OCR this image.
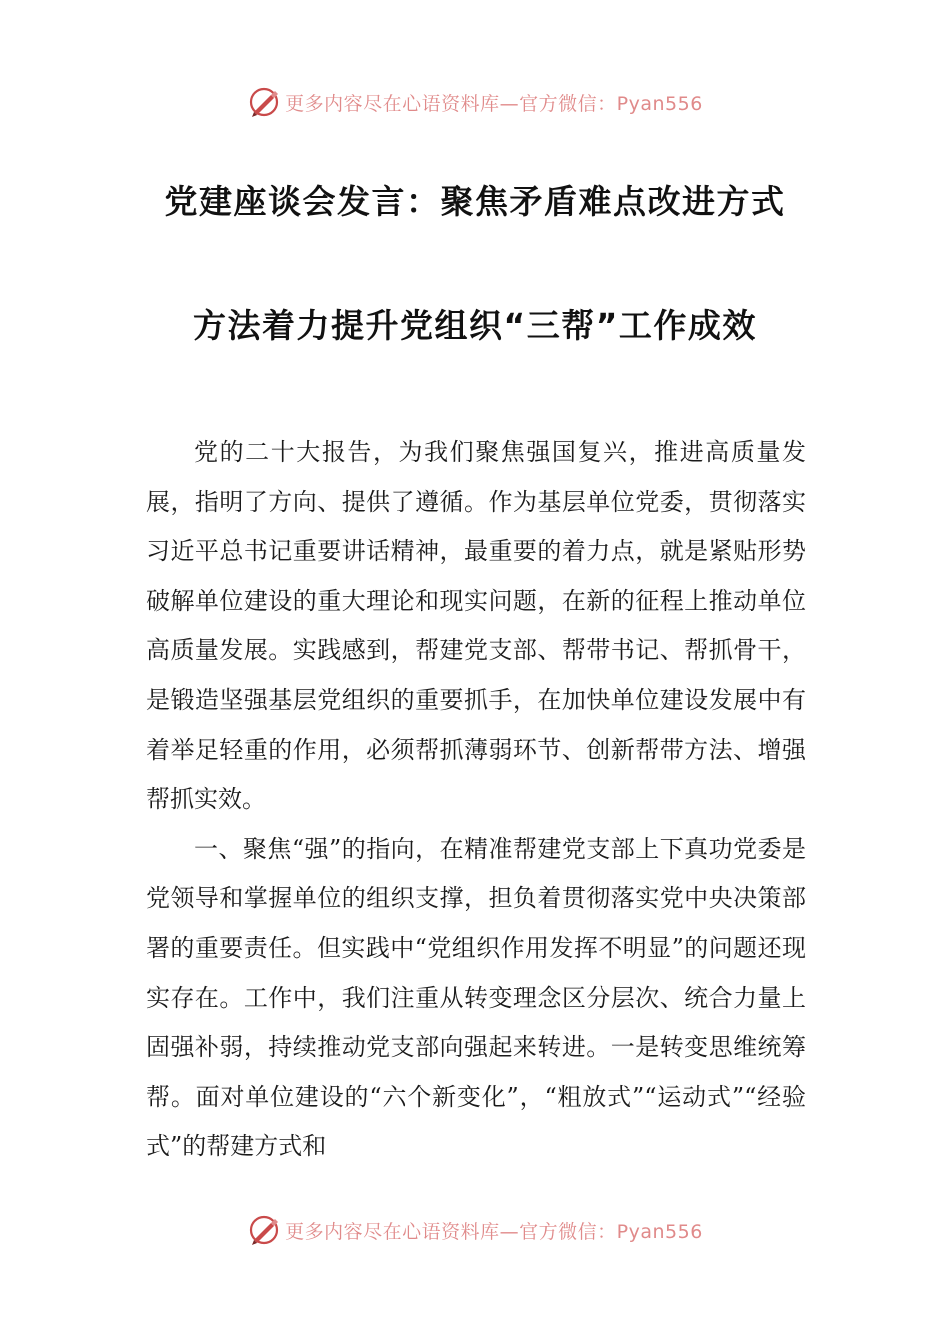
更多内容尽在心语资料库—官方微信：Pyan556
党建座谈会发言：聚焦矛盾难点改进方式
方法着力提升党组织“三帮”工作成效

党的二十大报告，为我们聚焦强国复兴，推进高质量发展，指明了方向、提供了遵循。作为基层单位党委，贯彻落实习近平总书记重要讲话精神，最重要的着力点，就是紧贴形势破解单位建设的重大理论和现实问题，在新的征程上推动单位高质量发展。实践感到，帮建党支部、帮带书记、帮抓骨干，是锻造坚强基层党组织的重要抓手，在加快单位建设发展中有着举足轻重的作用，必须帮抓薄弱环节、创新帮带方法、增强帮抓实效。

一、聚焦“强”的指向，在精准帮建党支部上下真功党委是党领导和掌握单位的组织支撑，担负着贯彻落实党中央决策部署的重要责任。但实践中“党组织作用发挥不明显”的问题还现实存在。工作中，我们注重从转变理念区分层次、统合力量上固强补弱，持续推动党支部向强起来转进。一是转变思维统筹帮。面对单位建设的“六个新变化”，“粗放式”“运动式”“经验式”的帮建方式和

更多内容尽在心语资料库—官方微信：Pyan556
